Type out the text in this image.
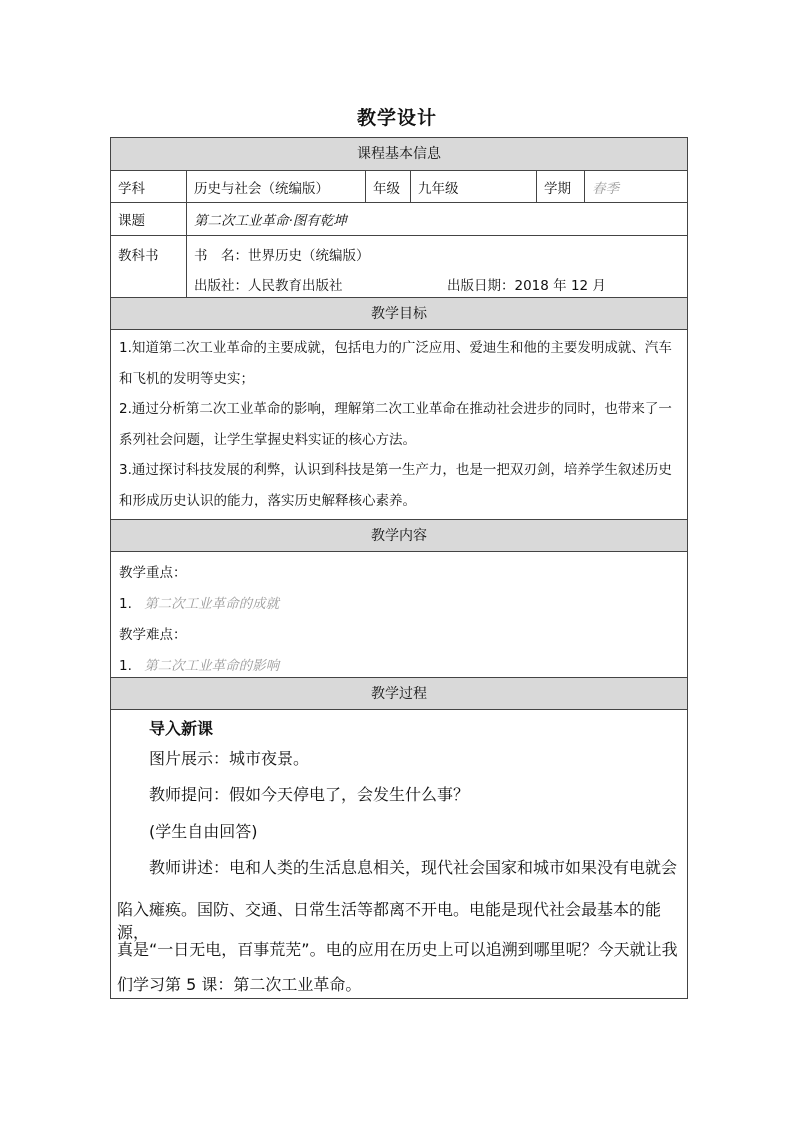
教学设计
课程基本信息
学科	历史与社会（统编版）	年级	九年级	学期	春季
课题	第二次工业革命·图有乾坤
教科书	书　名：世界历史（统编版）
出版社：人民教育出版社	出版日期：2018 年 12 月
教学目标
1.知道第二次工业革命的主要成就，包括电力的广泛应用、爱迪生和他的主要发明成就、汽车和飞机的发明等史实；
2.通过分析第二次工业革命的影响，理解第二次工业革命在推动社会进步的同时，也带来了一系列社会问题，让学生掌握史料实证的核心方法。
3.通过探讨科技发展的利弊，认识到科技是第一生产力，也是一把双刃剑，培养学生叙述历史和形成历史认识的能力，落实历史解释核心素养。
教学内容
教学重点：
1. 第二次工业革命的成就
教学难点：
1. 第二次工业革命的影响
教学过程
导入新课
图片展示：城市夜景。
教师提问：假如今天停电了，会发生什么事？
(学生自由回答)
教师讲述：电和人类的生活息息相关，现代社会国家和城市如果没有电就会
陷入瘫痪。国防、交通、日常生活等都离不开电。电能是现代社会最基本的能源，
真是“一日无电，百事荒芜”。电的应用在历史上可以追溯到哪里呢？今天就让我
们学习第 5 课：第二次工业革命。
